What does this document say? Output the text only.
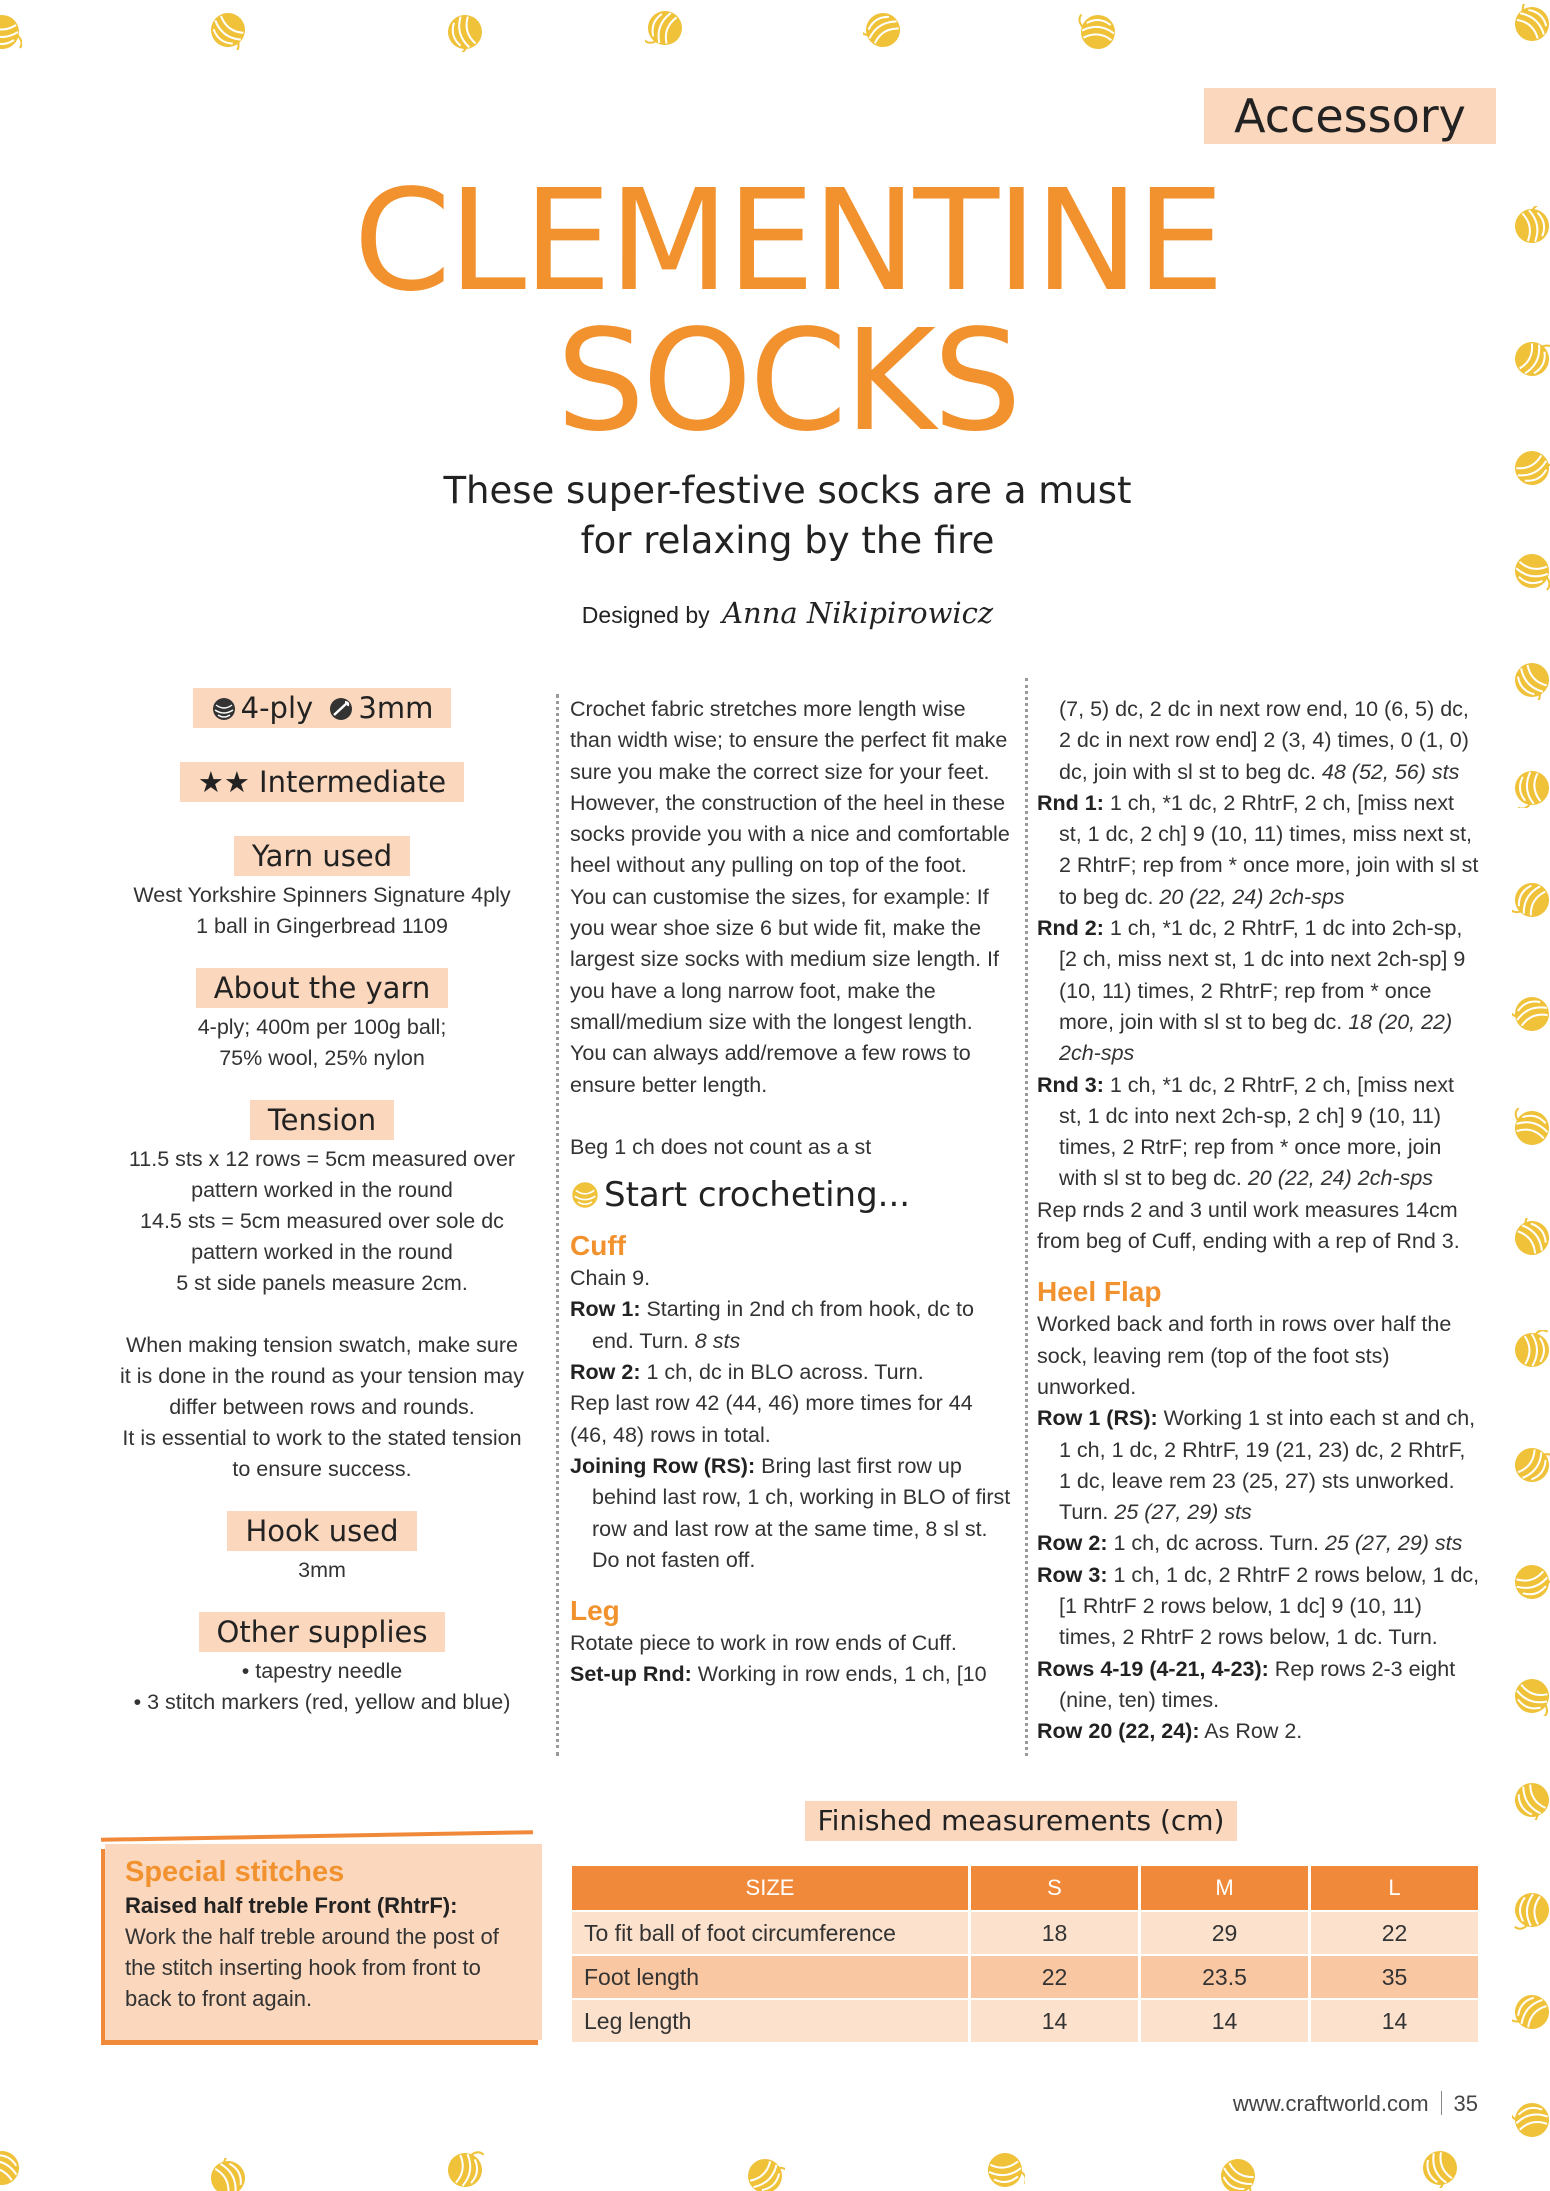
Accessory
CLEMENTINE
SOCKS
These super-festive socks are a must
for relaxing by the fire
Designed by Anna Nikipirowicz
4-ply 3mm
★★ Intermediate
Yarn used

West Yorkshire Spinners Signature 4ply

1 ball in Gingerbread 1109

About the yarn

4-ply; 400m per 100g ball;

75% wool, 25% nylon

Tension

11.5 sts x 12 rows = 5cm measured over

pattern worked in the round

14.5 sts = 5cm measured over sole dc

pattern worked in the round

5 st side panels measure 2cm.

When making tension swatch, make sure

it is done in the round as your tension may

differ between rows and rounds.

It is essential to work to the stated tension

to ensure success.

Hook used

3mm

Other supplies

• tapestry needle

• 3 stitch markers (red, yellow and blue)

Crochet fabric stretches more length wise than width wise; to ensure the perfect fit make sure you make the correct size for your feet. However, the construction of the heel in these socks provide you with a nice and comfortable heel without any pulling on top of the foot.

You can customise the sizes, for example: If you wear shoe size 6 but wide fit, make the largest size socks with medium size length. If you have a long narrow foot, make the small/medium size with the longest length. You can always add/remove a few rows to ensure better length.

Beg 1 ch does not count as a st

Start crocheting...
Cuff

Chain 9.

Row 1: Starting in 2nd ch from hook, dc to end. Turn. 8 sts

Row 2: 1 ch, dc in BLO across. Turn.

Rep last row 42 (44, 46) more times for 44 (46, 48) rows in total.

Joining Row (RS): Bring last first row up behind last row, 1 ch, working in BLO of first row and last row at the same time, 8 sl st. Do not fasten off.

Leg

Rotate piece to work in row ends of Cuff.

Set-up Rnd: Working in row ends, 1 ch, [10

(7, 5) dc, 2 dc in next row end, 10 (6, 5) dc, 2 dc in next row end] 2 (3, 4) times, 0 (1, 0) dc, join with sl st to beg dc. 48 (52, 56) sts

Rnd 1: 1 ch, *1 dc, 2 RhtrF, 2 ch, [miss next st, 1 dc, 2 ch] 9 (10, 11) times, miss next st, 2 RhtrF; rep from * once more, join with sl st to beg dc. 20 (22, 24) 2ch-sps

Rnd 2: 1 ch, *1 dc, 2 RhtrF, 1 dc into 2ch-sp, [2 ch, miss next st, 1 dc into next 2ch-sp] 9 (10, 11) times, 2 RhtrF; rep from * once more, join with sl st to beg dc. 18 (20, 22) 2ch-sps

Rnd 3: 1 ch, *1 dc, 2 RhtrF, 2 ch, [miss next st, 1 dc into next 2ch-sp, 2 ch] 9 (10, 11) times, 2 RtrF; rep from * once more, join with sl st to beg dc. 20 (22, 24) 2ch-sps

Rep rnds 2 and 3 until work measures 14cm from beg of Cuff, ending with a rep of Rnd 3.

Heel Flap

Worked back and forth in rows over half the sock, leaving rem (top of the foot sts) unworked.

Row 1 (RS): Working 1 st into each st and ch, 1 ch, 1 dc, 2 RhtrF, 19 (21, 23) dc, 2 RhtrF, 1 dc, leave rem 23 (25, 27) sts unworked. Turn. 25 (27, 29) sts

Row 2: 1 ch, dc across. Turn. 25 (27, 29) sts

Row 3: 1 ch, 1 dc, 2 RhtrF 2 rows below, 1 dc, [1 RhtrF 2 rows below, 1 dc] 9 (10, 11) times, 2 RhtrF 2 rows below, 1 dc. Turn.

Rows 4-19 (4-21, 4-23): Rep rows 2-3 eight (nine, ten) times.

Row 20 (22, 24): As Row 2.

Special stitches
Raised half treble Front (RhtrF):
Work the half treble around the post of the stitch inserting hook from front to back to front again.
Finished measurements (cm)
SIZE	S	M	L
To fit ball of foot circumference	18	29	22
Foot length	22	23.5	35
Leg length	14	14	14
www.craftworld.com 35
